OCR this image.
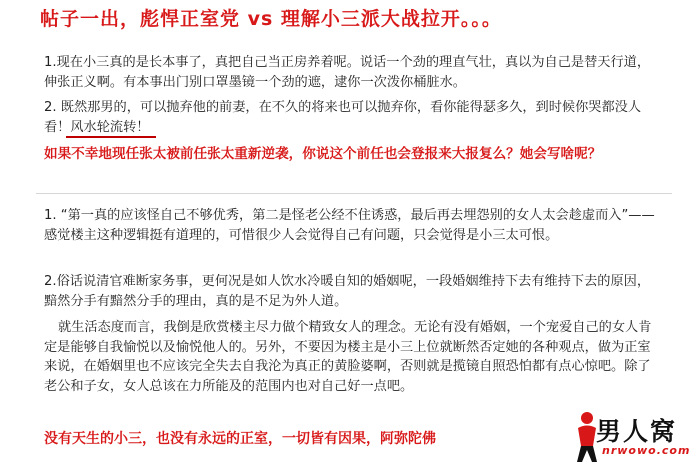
帖子一出，彪悍正室党 vs 理解小三派大战拉开。。。
1.现在小三真的是长本事了，真把自己当正房养着呢。说话一个劲的理直气壮，真以为自己是替天行道，伸张正义啊。有本事出门别口罩墨镜一个劲的遮，逮你一次泼你桶脏水。
2. 既然那男的，可以抛弃他的前妻，在不久的将来也可以抛弃你，看你能得瑟多久，到时候你哭都没人看！风水轮流转！
如果不幸地现任张太被前任张太重新逆袭，你说这个前任也会登报来大报复么？她会写啥呢？
1. “第一真的应该怪自己不够优秀，第二是怪老公经不住诱惑，最后再去埋怨别的女人太会趁虚而入”——感觉楼主这种逻辑挺有道理的，可惜很少人会觉得自己有问题，只会觉得是小三太可恨。
2.俗话说清官难断家务事，更何况是如人饮水冷暖自知的婚姻呢，一段婚姻维持下去有维持下去的原因，黯然分手有黯然分手的理由，真的是不足为外人道。
就生活态度而言，我倒是欣赏楼主尽力做个精致女人的理念。无论有没有婚姻，一个宠爱自己的女人肯定是能够自我愉悦以及愉悦他人的。另外，不要因为楼主是小三上位就断然否定她的各种观点，做为正室来说，在婚姻里也不应该完全失去自我沦为真正的黄脸婆啊，否则就是揽镜自照恐怕都有点心惊吧。除了老公和子女，女人总该在力所能及的范围内也对自己好一点吧。
没有天生的小三，也没有永远的正室，一切皆有因果，阿弥陀佛	男人窝
nrwowo.com
